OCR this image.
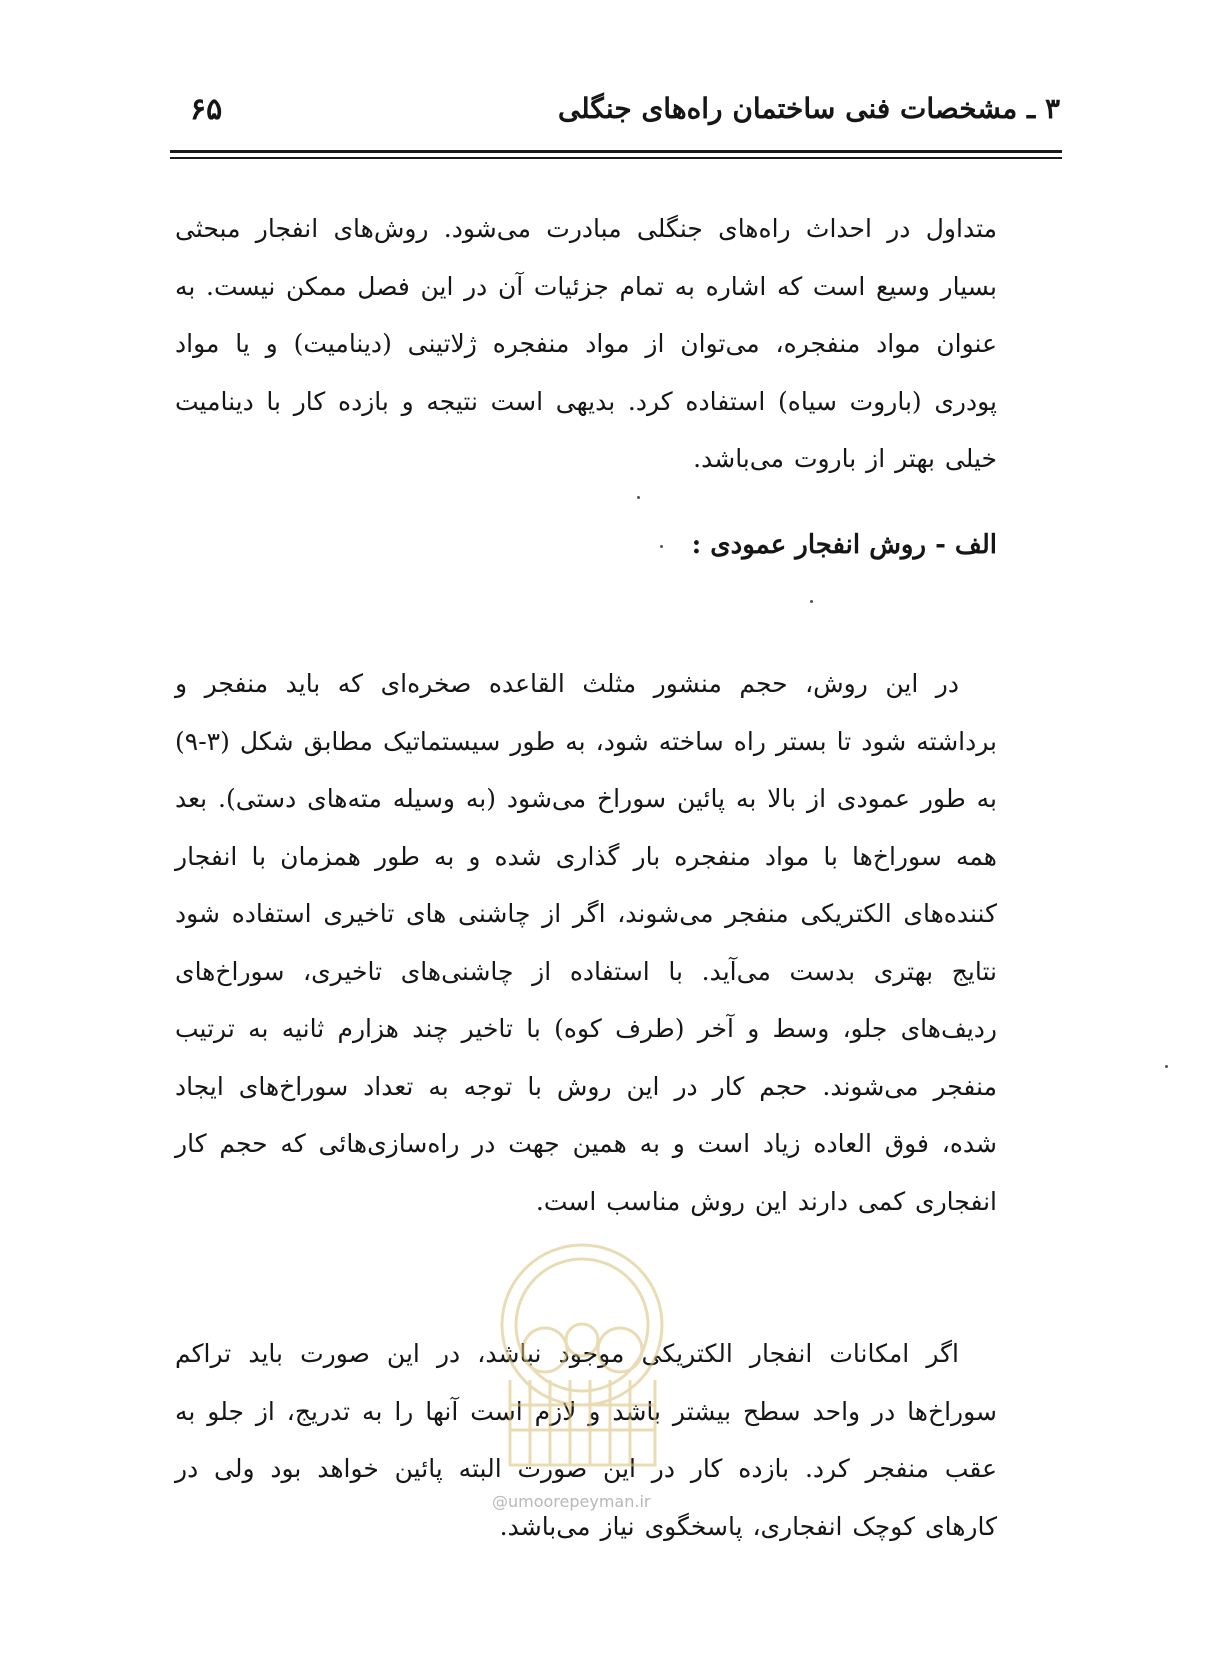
۳ ـ مشخصات فنی ساختمان راه‌های جنگلی
۶۵

متداول در احداث راه‌های جنگلی مبادرت می‌شود. روش‌های انفجار مبحثی بسیار وسیع است که اشاره به تمام جزئیات آن در این فصل ممکن نیست. به عنوان مواد منفجره، می‌توان از مواد منفجره ژلاتینی (دینامیت) و یا مواد پودری (باروت سیاه) استفاده کرد. بدیهی است نتیجه و بازده کار با دینامیت خیلی بهتر از باروت می‌باشد.

الف - روش انفجار عمودی :

در این روش، حجم منشور مثلث القاعده صخره‌ای که باید منفجر و برداشته شود تا بستر راه ساخته شود، به طور سیستماتیک مطابق شکل (۳-۹) به طور عمودی از بالا به پائین سوراخ می‌شود (به وسیله مته‌های دستی). بعد همه سوراخ‌ها با مواد منفجره بار گذاری شده و به طور همزمان با انفجار کننده‌های الکتریکی منفجر می‌شوند، اگر از چاشنی های تاخیری استفاده شود نتایج بهتری بدست می‌آید. با استفاده از چاشنی‌های تاخیری، سوراخ‌های ردیف‌های جلو، وسط و آخر (طرف کوه) با تاخیر چند هزارم ثانیه به ترتیب منفجر می‌شوند. حجم کار در این روش با توجه به تعداد سوراخ‌های ایجاد شده، فوق العاده زیاد است و به همین جهت در راه‌سازی‌هائی که حجم کار انفجاری کمی دارند این روش مناسب است.

اگر امکانات انفجار الکتریکی موجود نباشد، در این صورت باید تراکم سوراخ‌ها در واحد سطح بیشتر باشد و لازم است آنها را به تدریج، از جلو به عقب منفجر کرد. بازده کار در این صورت البته پائین خواهد بود ولی در کارهای کوچک انفجاری، پاسخگوی نیاز می‌باشد.

@umoorepeyman.ir
